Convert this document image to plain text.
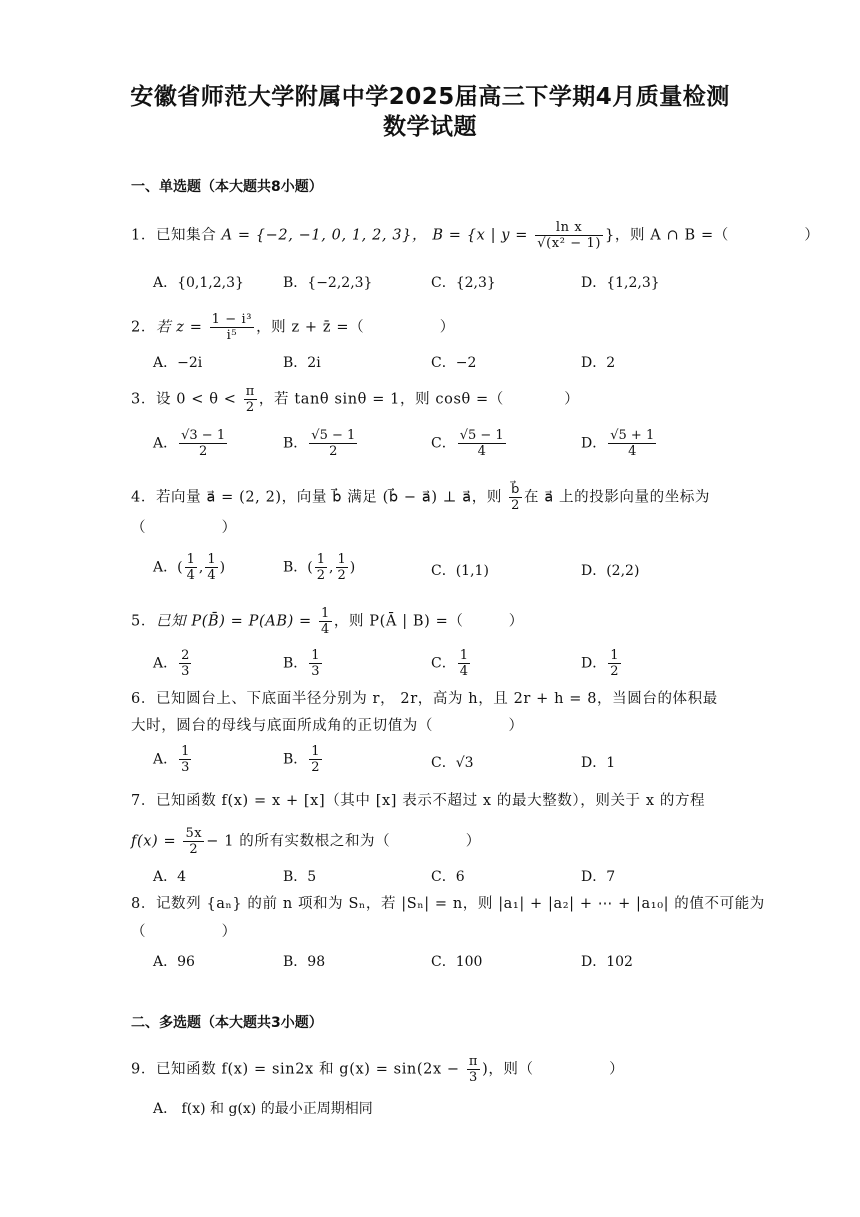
安徽省师范大学附属中学2025届高三下学期4月质量检测
数学试题
一、单选题（本大题共8小题）
1．已知集合 A = {−2, −1, 0, 1, 2, 3}， B = {x | $y = \frac{\text{ln x}}{\text{√(x² − 1)}}$ }，则 A ∩ B =（　　　　　）
A．{0,1,2,3}	B．{−2,2,3}	C．{2,3}	D．{1,2,3}
2．若 $z = \frac{\text{1 − i³}}{\text{i⁵}}$ ，则 z + z̄ =（　　　　　）
A．−2i	B．2i	C．−2	D．2
3．设 $0 < \theta < \frac{\pi}{2}$ ，若 tanθ sinθ = 1，则 cosθ =（　　　　）
A． $\frac{√3 - 1}{2}$	B． $\frac{√5 - 1}{2}$	C． $\frac{√5 - 1}{4}$	D． $\frac{√5 + 1}{4}$
4．若向量 a⃗ = (2, 2)，向量 b⃗ 满足 (b⃗ − a⃗) ⊥ a⃗，则 $\frac{b⃗}{2}$ 在 a⃗ 上的投影向量的坐标为
（　　　　　）
A．( $\frac{1}{4}$ , $\frac{1}{4}$ )	B．( $\frac{1}{2}$ , $\frac{1}{2}$ )	C．(1,1)	D．(2,2)
5．已知 P(B̄) = $P(AB) = \frac{1}{4}$ ，则 P(Ā | B) =（　　　）
A． $\frac{2}{3}$	B． $\frac{1}{3}$	C． $\frac{1}{4}$	D． $\frac{1}{2}$
6．已知圆台上、下底面半径分别为 r， 2r，高为 h，且 2r + h = 8，当圆台的体积最
大时，圆台的母线与底面所成角的正切值为（　　　　　）
A． $\frac{1}{3}$	B． $\frac{1}{2}$	C．√3	D．1
7．已知函数 f(x) = x + [x]（其中 [x] 表示不超过 x 的最大整数），则关于 x 的方程
$f(x) = \frac{5x}{2} - 1$ 的所有实数根之和为（　　　　　）
A．4	B．5	C．6	D．7
8．记数列 {aₙ} 的前 n 项和为 Sₙ，若 |Sₙ| = n，则 |a₁| + |a₂| + ⋯ + |a₁₀| 的值不可能为
（　　　　　）
A．96	B．98	C．100	D．102
二、多选题（本大题共3小题）
9．已知函数 f(x) = sin2x 和 $g(x) = \sin(2x - \frac{\pi}{3}$ )，则（　　　　　）
A． f(x) 和 g(x) 的最小正周期相同
